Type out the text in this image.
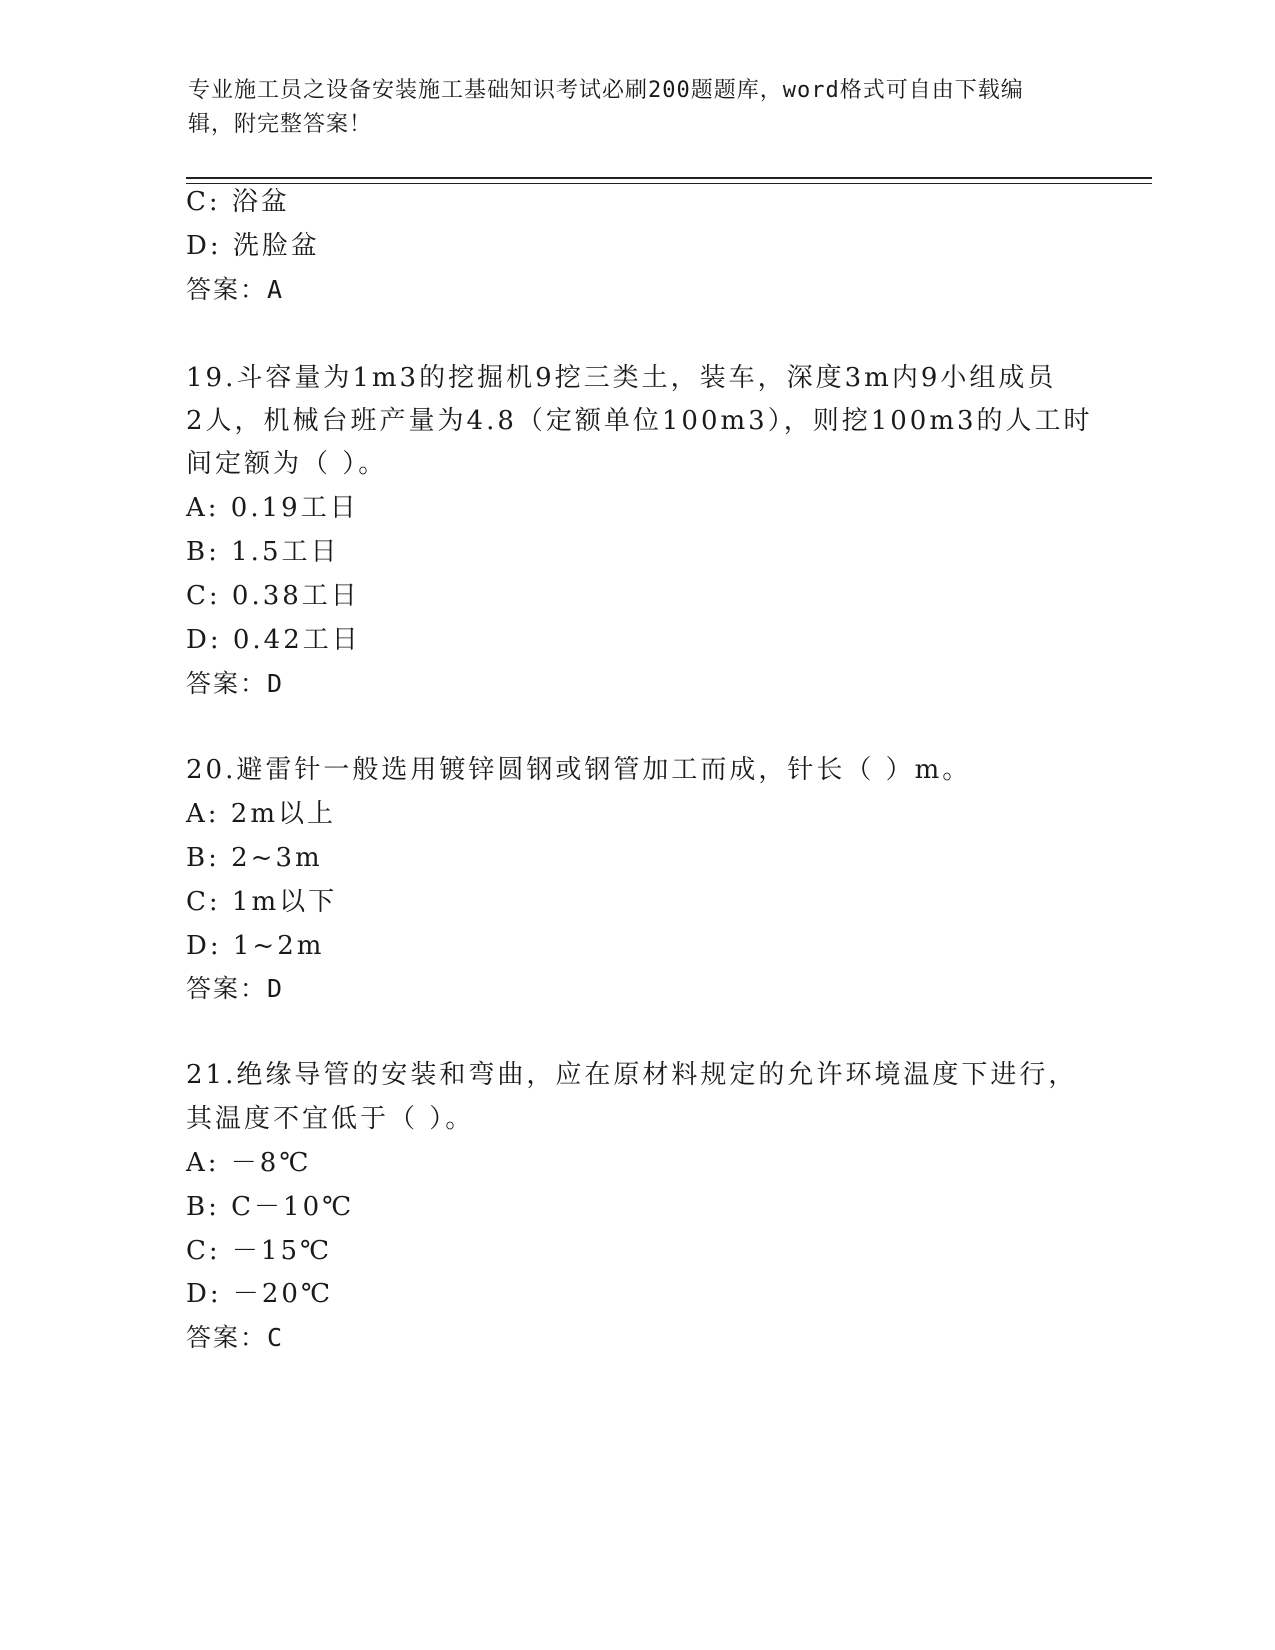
专业施工员之设备安装施工基础知识考试必刷200题题库，word格式可自由下载编辑，附完整答案！
C: 浴盆
D: 洗脸盆
答案：A
19.斗容量为1m3的挖掘机9挖三类土，装车，深度3m内9小组成员
2人，机械台班产量为4.8（定额单位100m3），则挖100m3的人工时
间定额为（ ）。
A: 0.19工日
B: 1.5工日
C: 0.38工日
D: 0.42工日
答案：D
20.避雷针一般选用镀锌圆钢或钢管加工而成，针长（ ）m。
A: 2m以上
B: 2~3m
C: 1m以下
D: 1~2m
答案：D
21.绝缘导管的安装和弯曲，应在原材料规定的允许环境温度下进行，
其温度不宜低于（ ）。
A: －8℃
B: C－10℃
C: －15℃
D: －20℃
答案：C
